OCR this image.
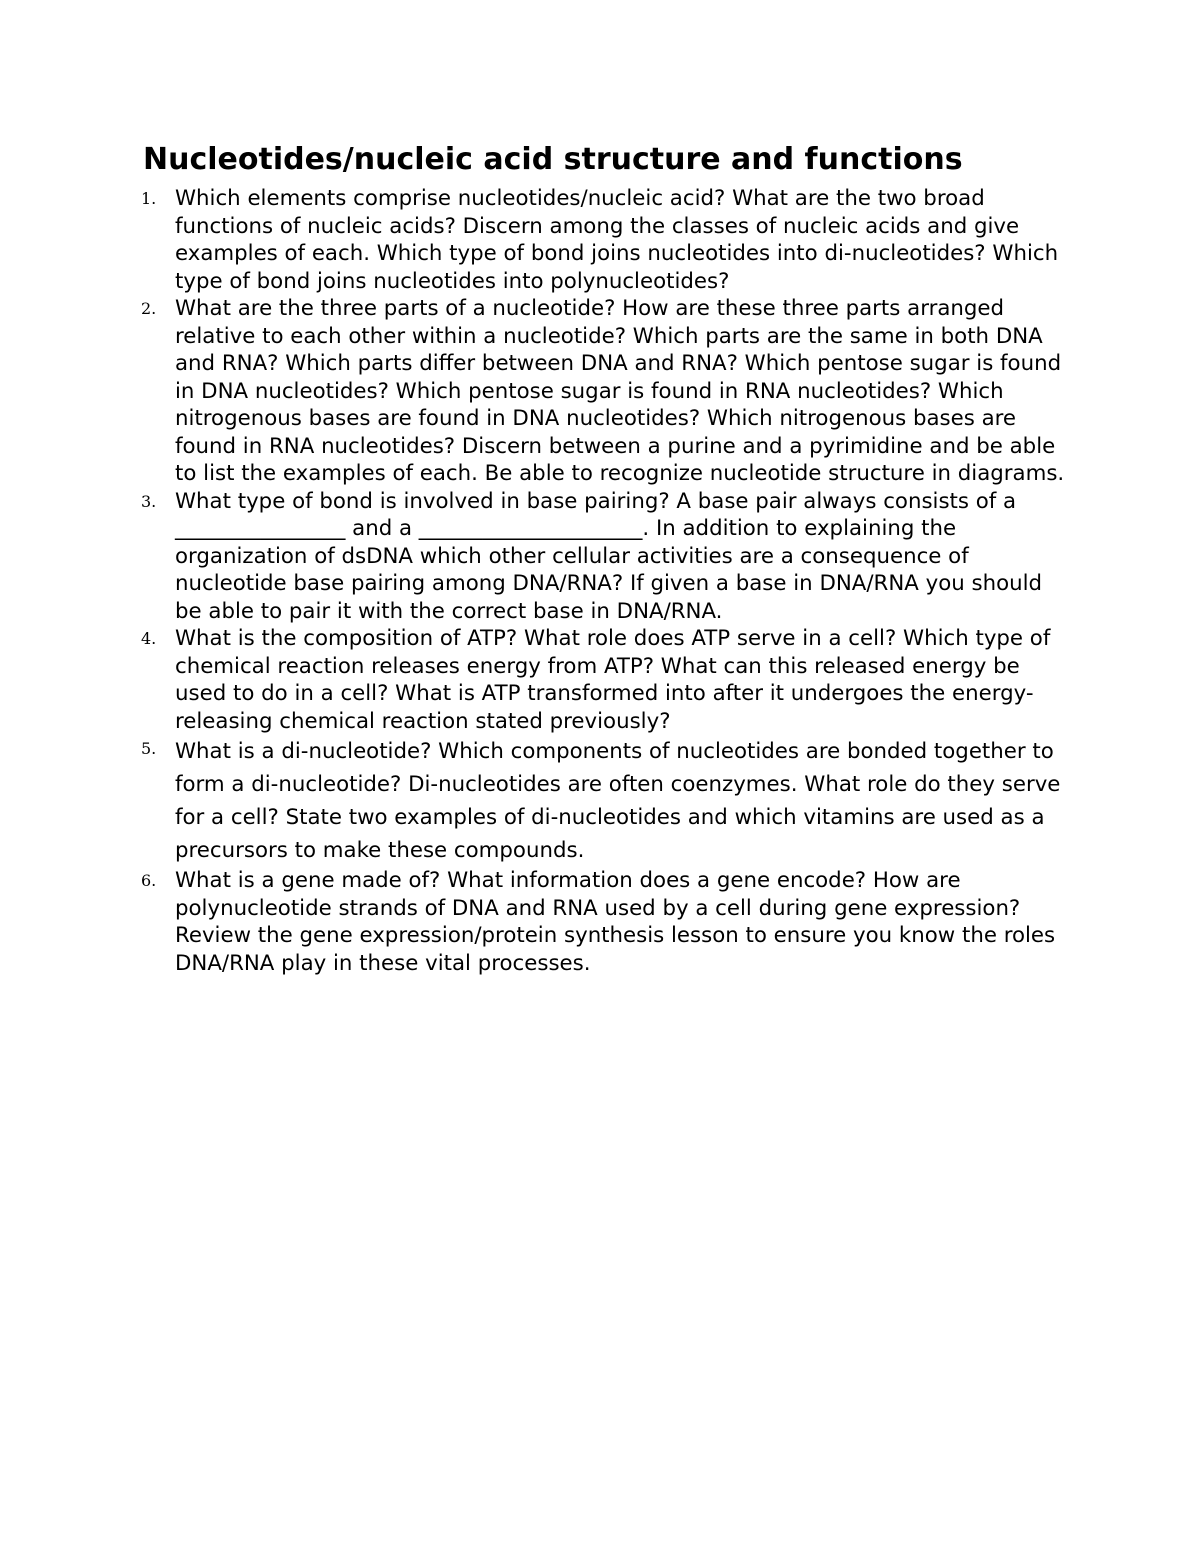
Nucleotides/nucleic acid structure and functions
1. Which elements comprise nucleotides/nucleic acid? What are the two broad functions of nucleic acids? Discern among the classes of nucleic acids and give examples of each. Which type of bond joins nucleotides into di-nucleotides? Which type of bond joins nucleotides into polynucleotides?
2. What are the three parts of a nucleotide? How are these three parts arranged relative to each other within a nucleotide? Which parts are the same in both DNA and RNA? Which parts differ between DNA and RNA? Which pentose sugar is found in DNA nucleotides? Which pentose sugar is found in RNA nucleotides? Which nitrogenous bases are found in DNA nucleotides? Which nitrogenous bases are found in RNA nucleotides? Discern between a purine and a pyrimidine and be able to list the examples of each. Be able to recognize nucleotide structure in diagrams.
3. What type of bond is involved in base pairing? A base pair always consists of a ________________ and a _____________________. In addition to explaining the organization of dsDNA which other cellular activities are a consequence of nucleotide base pairing among DNA/RNA? If given a base in DNA/RNA you should be able to pair it with the correct base in DNA/RNA.
4. What is the composition of ATP? What role does ATP serve in a cell? Which type of chemical reaction releases energy from ATP? What can this released energy be used to do in a cell? What is ATP transformed into after it undergoes the energy-releasing chemical reaction stated previously?
5. What is a di-nucleotide? Which components of nucleotides are bonded together to form a di-nucleotide? Di-nucleotides are often coenzymes. What role do they serve for a cell? State two examples of di-nucleotides and which vitamins are used as a precursors to make these compounds.
6. What is a gene made of? What information does a gene encode? How are polynucleotide strands of DNA and RNA used by a cell during gene expression? Review the gene expression/protein synthesis lesson to ensure you know the roles DNA/RNA play in these vital processes.
